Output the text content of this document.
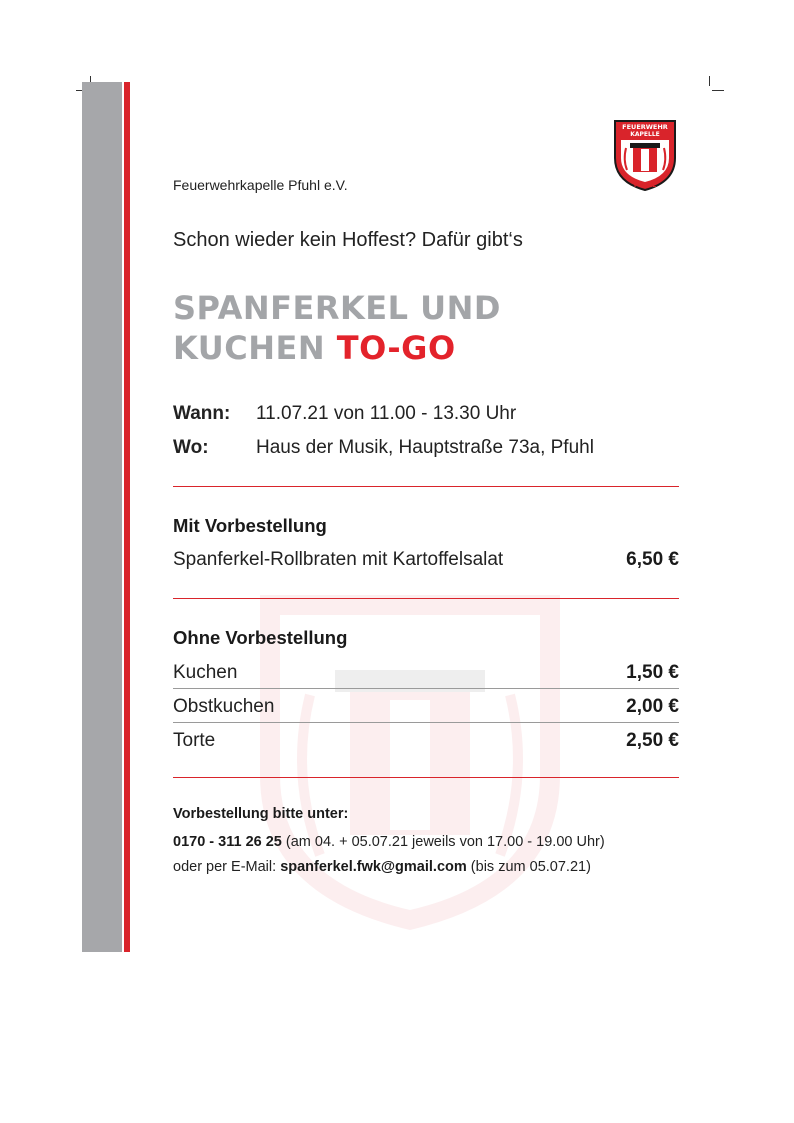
FEUERWEHR
KAPELLE
PFUHL
Feuerwehrkapelle Pfuhl e.V.
Schon wieder kein Hoffest? Dafür gibt‘s
SPANFERKEL UND
KUCHEN TO-GO
Wann: 11.07.21 von 11.00 - 13.30 Uhr
Wo: Haus der Musik, Hauptstraße 73a, Pfuhl
Mit Vorbestellung
Spanferkel-Rollbraten mit Kartoffelsalat	6,50 €
Ohne Vorbestellung
Kuchen	1,50 €
Obstkuchen	2,00 €
Torte	2,50 €
Vorbestellung bitte unter:
0170 - 311 26 25 (am 04. + 05.07.21 jeweils von 17.00 - 19.00 Uhr)
oder per E-Mail: spanferkel.fwk@gmail.com (bis zum 05.07.21)
